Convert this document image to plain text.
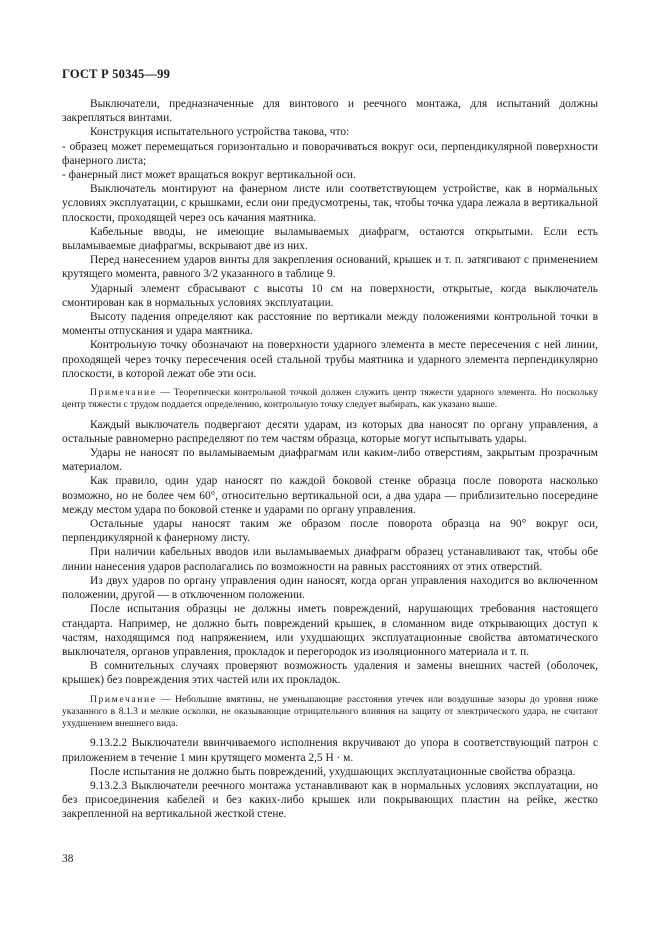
ГОСТ Р 50345—99

Выключатели, предназначенные для винтового и реечного монтажа, для испытаний должны закрепляться винтами.

Конструкция испытательного устройства такова, что:

- образец может перемещаться горизонтально и поворачиваться вокруг оси, перпендикулярной поверхности фанерного листа;

- фанерный лист может вращаться вокруг вертикальной оси.

Выключатель монтируют на фанерном листе или соответствующем устройстве, как в нормальных условиях эксплуатации, с крышками, если они предусмотрены, так, чтобы точка удара лежала в вертикальной плоскости, проходящей через ось качания маятника.

Кабельные вводы, не имеющие выламываемых диафрагм, остаются открытыми. Если есть выламываемые диафрагмы, вскрывают две из них.

Перед нанесением ударов винты для закрепления оснований, крышек и т. п. затягивают с применением крутящего момента, равного 3/2 указанного в таблице 9.

Ударный элемент сбрасывают с высоты 10 см на поверхности, открытые, когда выключатель смонтирован как в нормальных условиях эксплуатации.

Высоту падения определяют как расстояние по вертикали между положениями контрольной точки в моменты отпускания и удара маятника.

Контрольную точку обозначают на поверхности ударного элемента в месте пересечения с ней линии, проходящей через точку пересечения осей стальной трубы маятника и ударного элемента перпендикулярно плоскости, в которой лежат обе эти оси.

Примечание — Теоретически контрольной точкой должен служить центр тяжести ударного элемента. Но поскольку центр тяжести с трудом поддается определению, контрольную точку следует выбирать, как указано выше.

Каждый выключатель подвергают десяти ударам, из которых два наносят по органу управления, а остальные равномерно распределяют по тем частям образца, которые могут испытывать удары.

Удары не наносят по выламываемым диафрагмам или каким-либо отверстиям, закрытым прозрачным материалом.

Как правило, один удар наносят по каждой боковой стенке образца после поворота насколько возможно, но не более чем 60°, относительно вертикальной оси, а два удара — приблизительно посередине между местом удара по боковой стенке и ударами по органу управления.

Остальные удары наносят таким же образом после поворота образца на 90° вокруг оси, перпендикулярной к фанерному листу.

При наличии кабельных вводов или выламываемых диафрагм образец устанавливают так, чтобы обе линии нанесения ударов располагались по возможности на равных расстояниях от этих отверстий.

Из двух ударов по органу управления один наносят, когда орган управления находится во включенном положении, другой — в отключенном положении.

После испытания образцы не должны иметь повреждений, нарушающих требования настоящего стандарта. Например, не должно быть повреждений крышек, в сломанном виде открывающих доступ к частям, находящимся под напряжением, или ухудшающих эксплуатационные свойства автоматического выключателя, органов управления, прокладок и перегородок из изоляционного материала и т. п.

В сомнительных случаях проверяют возможность удаления и замены внешних частей (оболочек, крышек) без повреждения этих частей или их прокладок.

Примечание — Небольшие вмятины, не уменьшающие расстояния утечек или воздушные зазоры до уровня ниже указанного в 8.1.3 и мелкие осколки, не оказывающие отрицательного влияния на защиту от электрического удара, не считают ухудшением внешнего вида.

9.13.2.2 Выключатели ввинчиваемого исполнения вкручивают до упора в соответствующий патрон с приложением в течение 1 мин крутящего момента 2,5 Н · м.

После испытания не должно быть повреждений, ухудшающих эксплуатационные свойства образца.

9.13.2.3 Выключатели реечного монтажа устанавливают как в нормальных условиях эксплуатации, но без присоединения кабелей и без каких-либо крышек или покрывающих пластин на рейке, жестко закрепленной на вертикальной жесткой стене.

38
